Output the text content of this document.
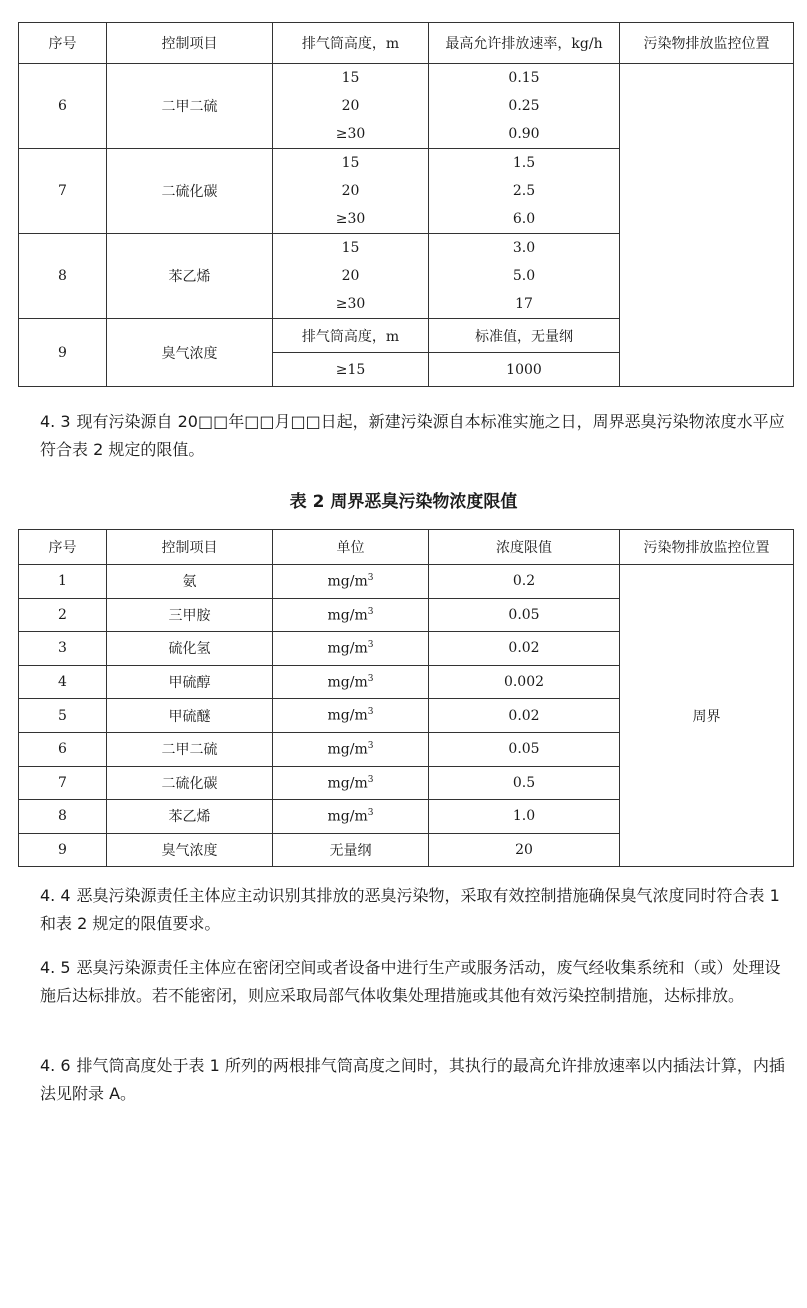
序号	控制项目	排气筒高度，m	最高允许排放速率，kg/h	污染物排放监控位置
6	二甲二硫	15	0.15	
		20	0.25	
		≥30	0.90	
7	二硫化碳	15	1.5	
		20	2.5	
		≥30	6.0	
8	苯乙烯	15	3.0	
		20	5.0	
		≥30	17	
9	臭气浓度	排气筒高度，m	标准值，无量纲	
		≥15	1000	
4. 3 现有污染源自 20□□年□□月□□日起，新建污染源自本标准实施之日，周界恶臭污染物浓度水平应符合表 2 规定的限值。
表 2 周界恶臭污染物浓度限值
序号	控制项目	单位	浓度限值	污染物排放监控位置
1	氨	$mg/m^3$	0.2	周界
2	三甲胺	$mg/m^3$	0.05	
3	硫化氢	$mg/m^3$	0.02	
4	甲硫醇	$mg/m^3$	0.002	
5	甲硫醚	$mg/m^3$	0.02	
6	二甲二硫	$mg/m^3$	0.05	
7	二硫化碳	$mg/m^3$	0.5	
8	苯乙烯	$mg/m^3$	1.0	
9	臭气浓度	无量纲	20	
4. 4 恶臭污染源责任主体应主动识别其排放的恶臭污染物，采取有效控制措施确保臭气浓度同时符合表 1 和表 2 规定的限值要求。
4. 5 恶臭污染源责任主体应在密闭空间或者设备中进行生产或服务活动，废气经收集系统和（或）处理设施后达标排放。若不能密闭，则应采取局部气体收集处理措施或其他有效污染控制措施，达标排放。
4. 6 排气筒高度处于表 1 所列的两根排气筒高度之间时，其执行的最高允许排放速率以内插法计算，内插法见附录 A。
